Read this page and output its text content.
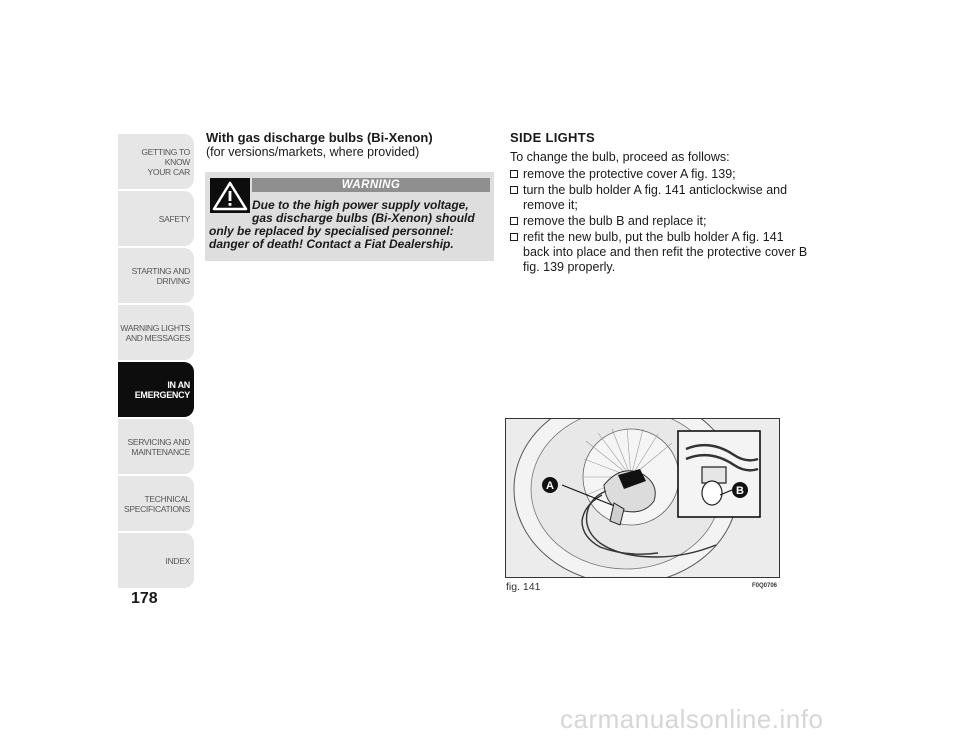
GETTING TO KNOW
YOUR CAR
SAFETY
STARTING AND
DRIVING
WARNING LIGHTS
AND MESSAGES
IN AN
EMERGENCY
SERVICING AND
MAINTENANCE
TECHNICAL
SPECIFICATIONS
INDEX
178
With gas discharge bulbs (Bi-Xenon)
(for versions/markets, where provided)
WARNING
Due to the high power supply voltage,
gas discharge bulbs (Bi-Xenon) should
only be replaced by specialised personnel:
danger of death! Contact a Fiat Dealership.
SIDE LIGHTS
To change the bulb, proceed as follows:
remove the protective cover A fig. 139;
turn the bulb holder A fig. 141 anticlockwise and remove it;
remove the bulb B and replace it;
refit the new bulb, put the bulb holder A fig. 141 back into place and then refit the protective cover B fig. 139 properly.
A	B
fig. 141	F0Q0706
carmanualsonline.info
